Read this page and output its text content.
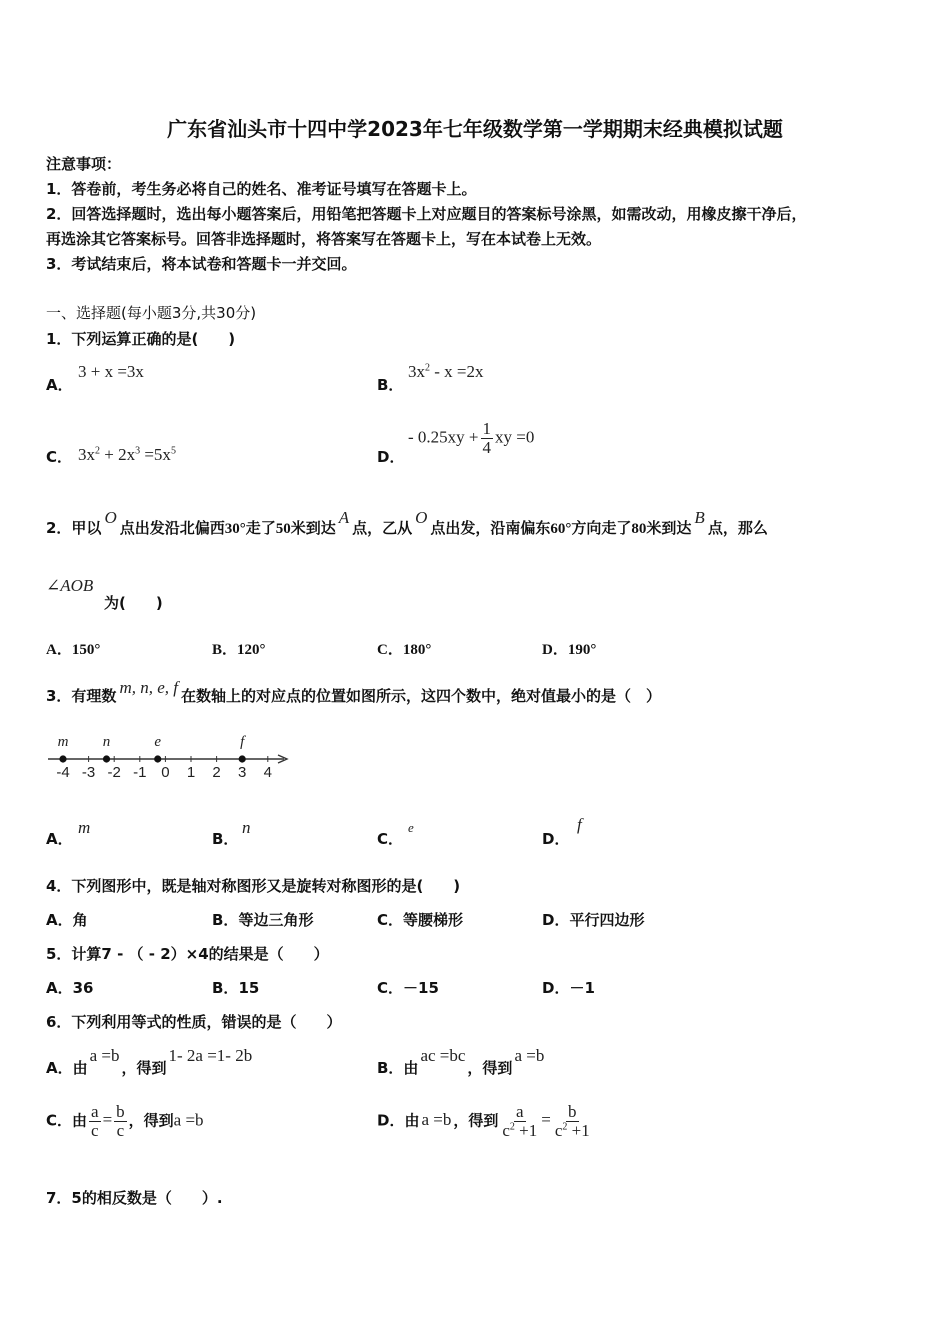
广东省汕头市十四中学2023年七年级数学第一学期期末经典模拟试题
注意事项：
1．答卷前，考生务必将自己的姓名、准考证号填写在答题卡上。
2．回答选择题时，选出每小题答案后，用铅笔把答题卡上对应题目的答案标号涂黑，如需改动，用橡皮擦干净后，
再选涂其它答案标号。回答非选择题时，将答案写在答题卡上，写在本试卷上无效。
3．考试结束后，将本试卷和答题卡一并交回。
一、选择题(每小题3分,共30分)
1．下列运算正确的是(　　)
A．
3 + x =3x
B．
$3x^2 - x =2x$
C． $3x^2 + 2x^3 =5x^5$	D．
- $0.25xy + \frac{1}{4}$ xy =0
2．甲以O点出发沿北偏西30°走了50米到达A点，乙从O点出发，沿南偏东60°方向走了80米到达B点，那么
∠AOB
为(　　)
A．150°	B．120°	C．180°	D．190°
3．有理数 m, n, e, f 在数轴上的对应点的位置如图所示，这四个数中，绝对值最小的是（　）
-4 -3 -2 -1 0 1 2 3 4
m n	e	f
A．
m
B．
n
C．
e
D．
f
4．下列图形中，既是轴对称图形又是旋转对称图形的是(　　)
A．角	B．等边三角形	C．等腰梯形	D．平行四边形
5．计算7 - （ - 2）×4的结果是（　　）
A．36	B．15	C．－15	D．－1
6．下列利用等式的性质，错误的是（　　）
A．由a =b，得到1- 2a =1- 2b
B．由ac =bc，得到a =b
C．由 $\frac{a}{c} = \frac{b}{c}$ ，得到a =b	D．由 a =b ，得到 $\frac{a}{c^2 +1} = \frac{b}{c^2 +1}$
7．5的相反数是（　　）.
